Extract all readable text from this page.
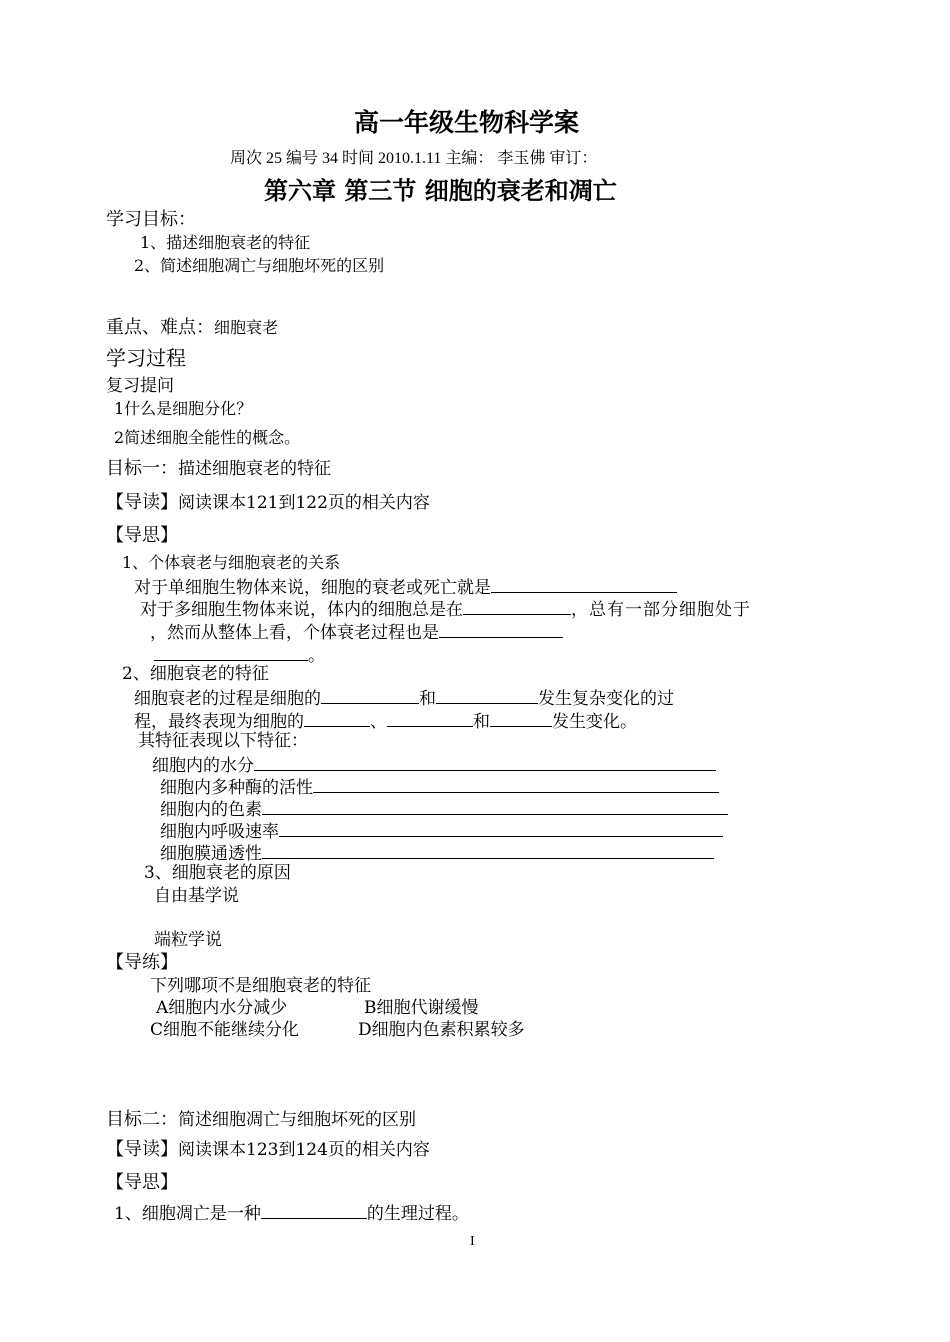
高一年级生物科学案
周次 25 编号 34 时间 2010.1.11 主编： 李玉佛 审订：
第六章 第三节 细胞的衰老和凋亡
学习目标：
1、描述细胞衰老的特征
2、简述细胞凋亡与细胞坏死的区别
重点、难点：细胞衰老
学习过程
复习提问
1什么是细胞分化？
2简述细胞全能性的概念。
目标一：描述细胞衰老的特征
【导读】阅读课本121到122页的相关内容
【导思】
1、个体衰老与细胞衰老的关系
对于单细胞生物体来说，细胞的衰老或死亡就是
对于多细胞生物体来说，体内的细胞总是在	，总有一部分细胞处于
，然而从整体上看，个体衰老过程也是
。
2、细胞衰老的特征
细胞衰老的过程是细胞的	和	发生复杂变化的过
程，最终表现为细胞的	、	和	发生变化。
其特征表现以下特征：
细胞内的水分
细胞内多种酶的活性
细胞内的色素
细胞内呼吸速率
细胞膜通透性
3、细胞衰老的原因
自由基学说
端粒学说
【导练】
下列哪项不是细胞衰老的特征
A细胞内水分减少	B细胞代谢缓慢
C细胞不能继续分化	D细胞内色素积累较多
目标二：简述细胞凋亡与细胞坏死的区别
【导读】阅读课本123到124页的相关内容
【导思】
1、细胞凋亡是一种	的生理过程。
I
